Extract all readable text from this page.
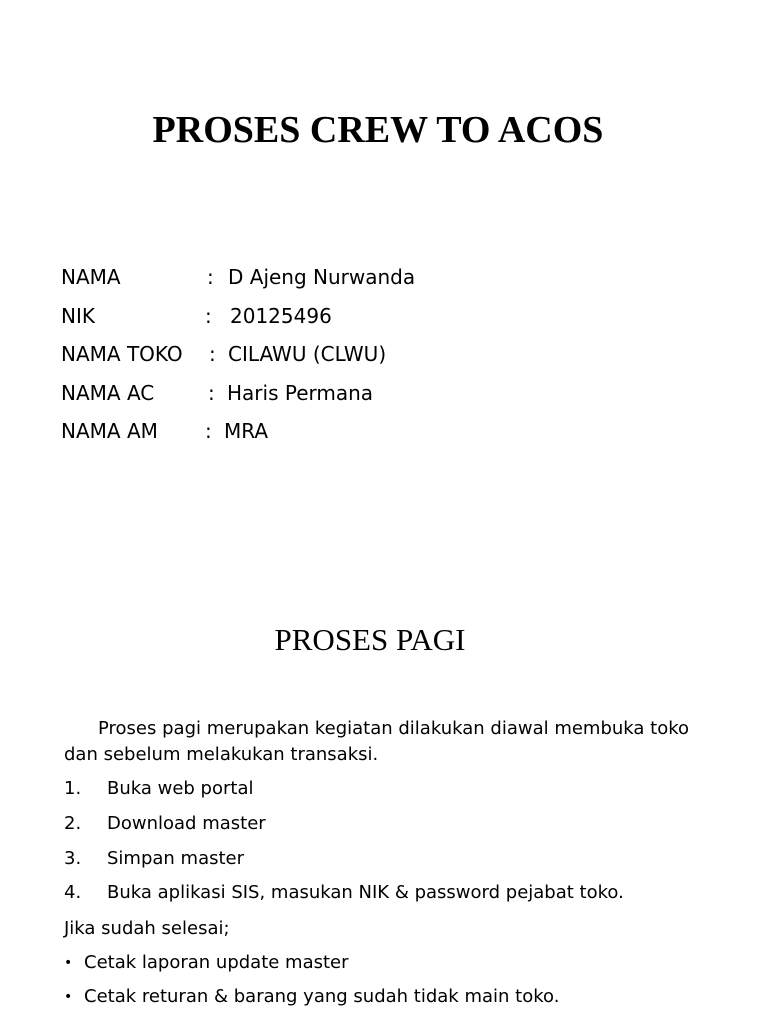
PROSES CREW TO ACOS
NAMA	: D Ajeng Nurwanda
NIK	: 20125496
NAMA TOKO : CILAWU (CLWU)
NAMA AC	: Haris Permana
NAMA AM : MRA
PROSES PAGI

Proses pagi merupakan kegiatan dilakukan diawal membuka toko dan sebelum melakukan transaksi.

1. Buka web portal
2. Download master
3. Simpan master
4. Buka aplikasi SIS, masukan NIK & password pejabat toko.

Jika sudah selesai;

• Cetak laporan update master
• Cetak returan & barang yang sudah tidak main toko.
